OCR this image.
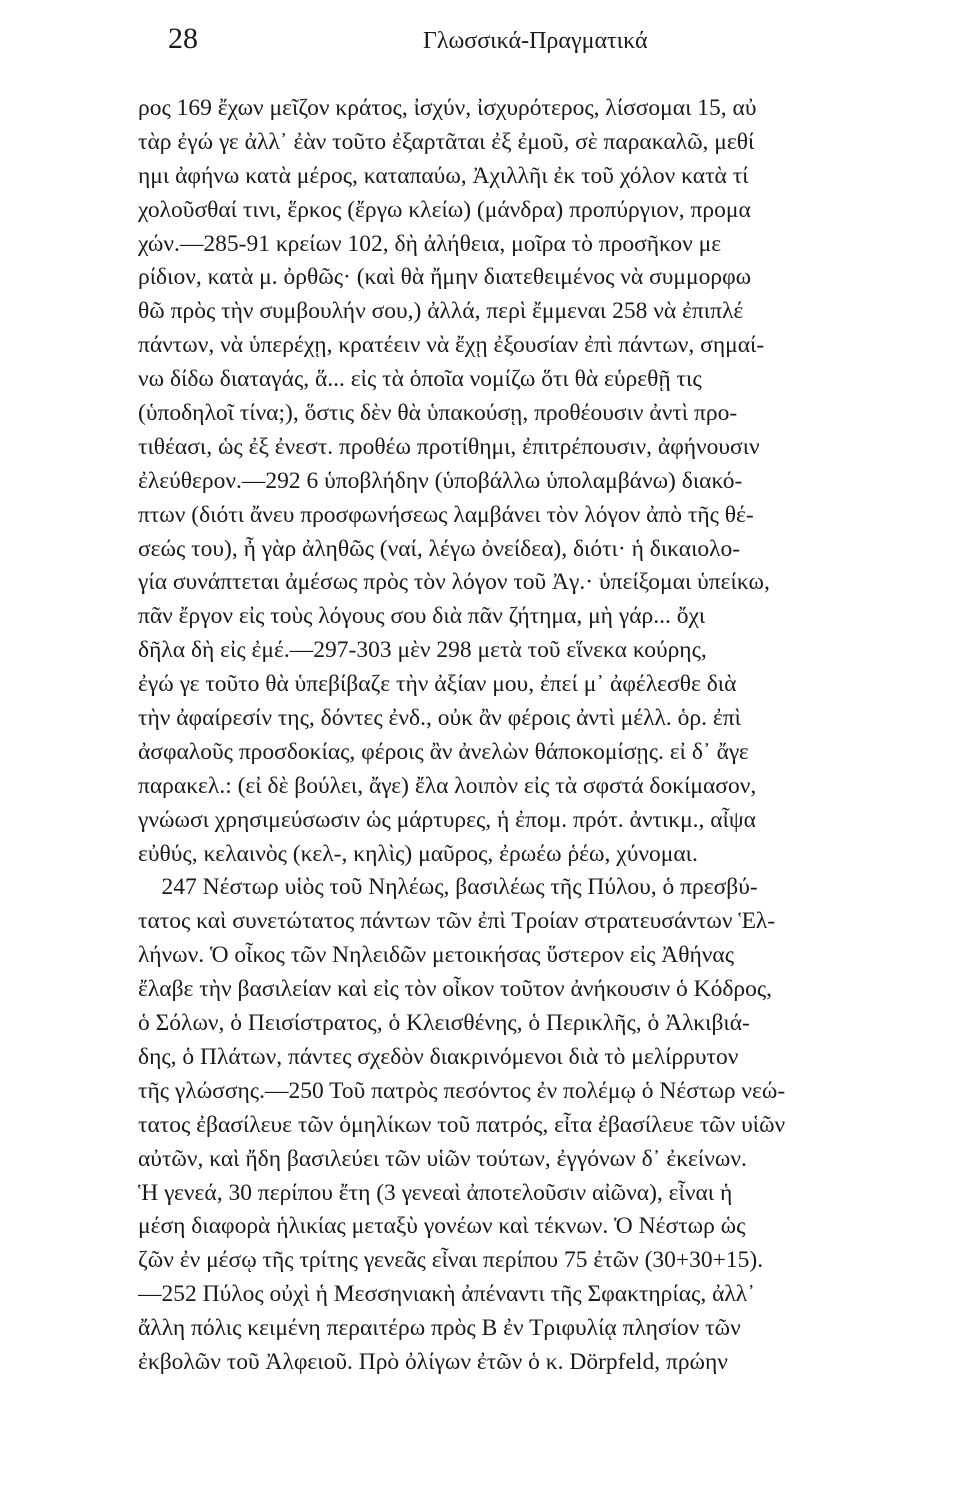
28	Γλωσσικά-Πραγματικά
ρος 169 ἔχων μεῖζον κράτος, ἰσχύν, ἰσχυρότερος, λίσσομαι 15, αὐ
τὰρ ἐγώ γε ἀλλ᾽ ἐὰν τοῦτο ἐξαρτᾶται ἐξ ἐμοῦ, σὲ παρακαλῶ, μεθί
ημι ἀφήνω κατὰ μέρος, καταπαύω, Ἀχιλλῆι ἐκ τοῦ χόλον κατὰ τί
χολοῦσθαί τινι, ἕρκος (ἔργω κλείω) (μάνδρα) προπύργιον, προμα
χών.—285-91 κρείων 102, δὴ ἀλήθεια, μοῖρα τὸ προσῆκον με
ρίδιον, κατὰ μ. ὀρθῶς· (καὶ θὰ ἤμην διατεθειμένος νὰ συμμορφω
θῶ πρὸς τὴν συμβουλήν σου,) ἀλλά, περὶ ἔμμεναι 258 νὰ ἐπιπλέ
πάντων, νὰ ὑπερέχῃ, κρατέειν νὰ ἔχῃ ἐξουσίαν ἐπὶ πάντων, σημαί-
νω δίδω διαταγάς, ἅ... εἰς τὰ ὁποῖα νομίζω ὅτι θὰ εὑρεθῇ τις
(ὑποδηλοῖ τίνα;), ὅστις δὲν θὰ ὑπακούσῃ, προθέουσιν ἀντὶ προ-
τιθέασι, ὡς ἐξ ἐνεστ. προθέω προτίθημι, ἐπιτρέπουσιν, ἀφήνουσιν
ἐλεύθερον.—292 6 ὑποβλήδην (ὑποβάλλω ὑπολαμβάνω) διακό-
πτων (διότι ἄνευ προσφωνήσεως λαμβάνει τὸν λόγον ἀπὸ τῆς θέ-
σεώς του), ἦ γὰρ ἀληθῶς (ναί, λέγω ὀνείδεα), διότι· ἡ δικαιολο-
γία συνάπτεται ἀμέσως πρὸς τὸν λόγον τοῦ Ἀγ.· ὑπείξομαι ὑπείκω,
πᾶν ἔργον εἰς τοὺς λόγους σου διὰ πᾶν ζήτημα, μὴ γάρ... ὄχι
δῆλα δὴ εἰς ἐμέ.—297-303 μὲν 298 μετὰ τοῦ εἵνεκα κούρης,
ἐγώ γε τοῦτο θὰ ὑπεβίβαζε τὴν ἀξίαν μου, ἐπεί μ᾽ ἀφέλεσθε διὰ
τὴν ἀφαίρεσίν της, δόντες ἐνδ., οὐκ ἂν φέροις ἀντὶ μέλλ. ὁρ. ἐπὶ
ἀσφαλοῦς προσδοκίας, φέροις ἂν ἀνελὼν θάποκομίσῃς. εἰ δ᾽ ἄγε
παρακελ.: (εἰ δὲ βούλει, ἄγε) ἔλα λοιπὸν εἰς τὰ σφστά δοκίμασον,
γνώωσι χρησιμεύσωσιν ὡς μάρτυρες, ἡ ἐπομ. πρότ. ἀντικμ., αἶψα
εὐθύς, κελαινὸς (κελ-, κηλὶς) μαῦρος, ἐρωέω ῥέω, χύνομαι.
247 Νέστωρ υἱὸς τοῦ Νηλέως, βασιλέως τῆς Πύλου, ὁ πρεσβύ-
τατος καὶ συνετώτατος πάντων τῶν ἐπὶ Τροίαν στρατευσάντων Ἑλ-
λήνων. Ὁ οἶκος τῶν Νηλειδῶν μετοικήσας ὕστερον εἰς Ἀθήνας
ἔλαβε τὴν βασιλείαν καὶ εἰς τὸν οἶκον τοῦτον ἀνήκουσιν ὁ Κόδρος,
ὁ Σόλων, ὁ Πεισίστρατος, ὁ Κλεισθένης, ὁ Περικλῆς, ὁ Ἀλκιβιά-
δης, ὁ Πλάτων, πάντες σχεδὸν διακρινόμενοι διὰ τὸ μελίρρυτον
τῆς γλώσσης.—250 Τοῦ πατρὸς πεσόντος ἐν πολέμῳ ὁ Νέστωρ νεώ-
τατος ἐβασίλευε τῶν ὁμηλίκων τοῦ πατρός, εἶτα ἐβασίλευε τῶν υἱῶν
αὐτῶν, καὶ ἤδη βασιλεύει τῶν υἱῶν τούτων, ἐγγόνων δ᾽ ἐκείνων.
Ἡ γενεά, 30 περίπου ἔτη (3 γενεαὶ ἀποτελοῦσιν αἰῶνα), εἶναι ἡ
μέση διαφορὰ ἡλικίας μεταξὺ γονέων καὶ τέκνων. Ὁ Νέστωρ ὡς
ζῶν ἐν μέσῳ τῆς τρίτης γενεᾶς εἶναι περίπου 75 ἐτῶν (30+30+15).
—252 Πύλος οὐχὶ ἡ Μεσσηνιακὴ ἀπέναντι τῆς Σφακτηρίας, ἀλλ᾽
ἄλλη πόλις κειμένη περαιτέρω πρὸς Β ἐν Τριφυλίᾳ πλησίον τῶν
ἐκβολῶν τοῦ Ἀλφειοῦ. Πρὸ ὀλίγων ἐτῶν ὁ κ. Dörpfeld, πρώην
